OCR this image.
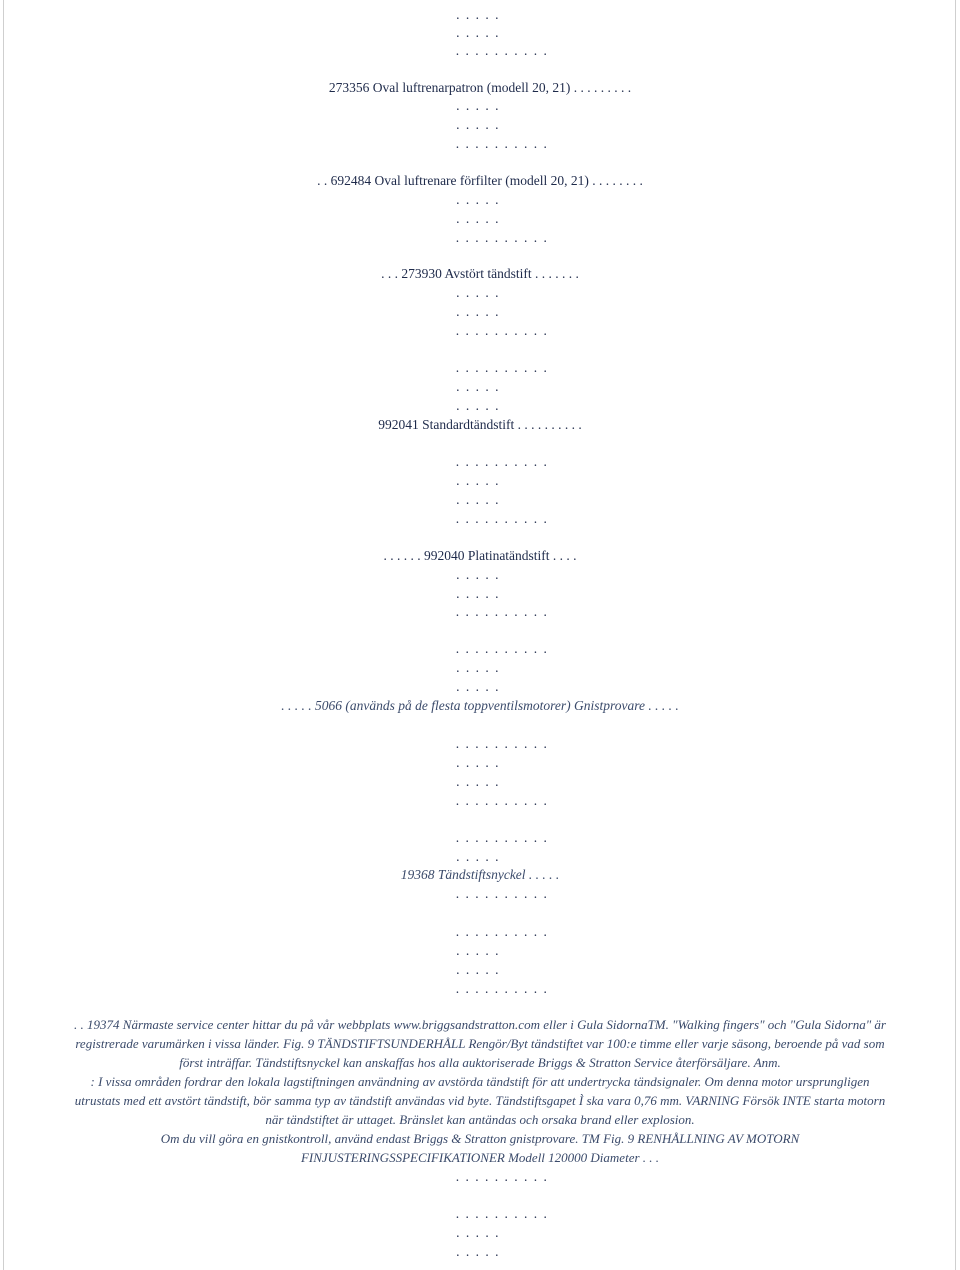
. . . . .
. . . . .
. . . . . . . . . .
273356 Oval luftrenarpatron (modell 20, 21) . . . . . . . . .
. . . . .
. . . . .
. . . . . . . . . .
. . 692484 Oval luftrenare förfilter (modell 20, 21) . . . . . . . .
. . . . .
. . . . .
. . . . . . . . . .
. . . 273930 Avstört tändstift . . . . . . .
. . . . .
. . . . .
. . . . . . . . . .
. . . . . . . . . .
. . . . .
. . . . .
992041 Standardtändstift . . . . . . . . . .
. . . . . . . . . .
. . . . .
. . . . .
. . . . . . . . . .
. . . . . . 992040 Platinatändstift . . . .
. . . . .
. . . . .
. . . . . . . . . .
. . . . . . . . . .
. . . . .
. . . . .
. . . . . 5066 (används på de flesta toppventilsmotorer) Gnistprovare . . . . .
. . . . . . . . . .
. . . . .
. . . . .
. . . . . . . . . .
. . . . . . . . . .
. . . . .
19368 Tändstiftsnyckel . . . . .
. . . . . . . . . .
. . . . . . . . . .
. . . . .
. . . . .
. . . . . . . . . .
. . 19374 Närmaste service center hittar du på vår webbplats www.briggsandstratton.com eller i Gula SidornaTM. "Walking fingers" och "Gula Sidorna" är
registrerade varumärken i vissa länder. Fig. 9 TÄNDSTIFTSUNDERHÅLL Rengör/Byt tändstiftet var 100:e timme eller varje säsong, beroende på vad som
först inträffar. Tändstiftsnyckel kan anskaffas hos alla auktoriserade Briggs & Stratton Service återförsäljare. Anm.
: I vissa områden fordrar den lokala lagstiftningen användning av avstörda tändstift för att undertrycka tändsignaler. Om denna motor ursprungligen
utrustats med ett avstört tändstift, bör samma typ av tändstift användas vid byte. Tändstiftsgapet Ì ska vara 0,76 mm. VARNING Försök INTE starta motorn
när tändstiftet är uttaget. Bränslet kan antändas och orsaka brand eller explosion.
Om du vill göra en gnistkontroll, använd endast Briggs & Stratton gnistprovare. TM Fig. 9 RENHÅLLNING AV MOTORN
FINJUSTERINGSSPECIFIKATIONER Modell 120000 Diameter . . .
. . . . . . . . . .
. . . . . . . . . .
. . . . .
. . . . .
